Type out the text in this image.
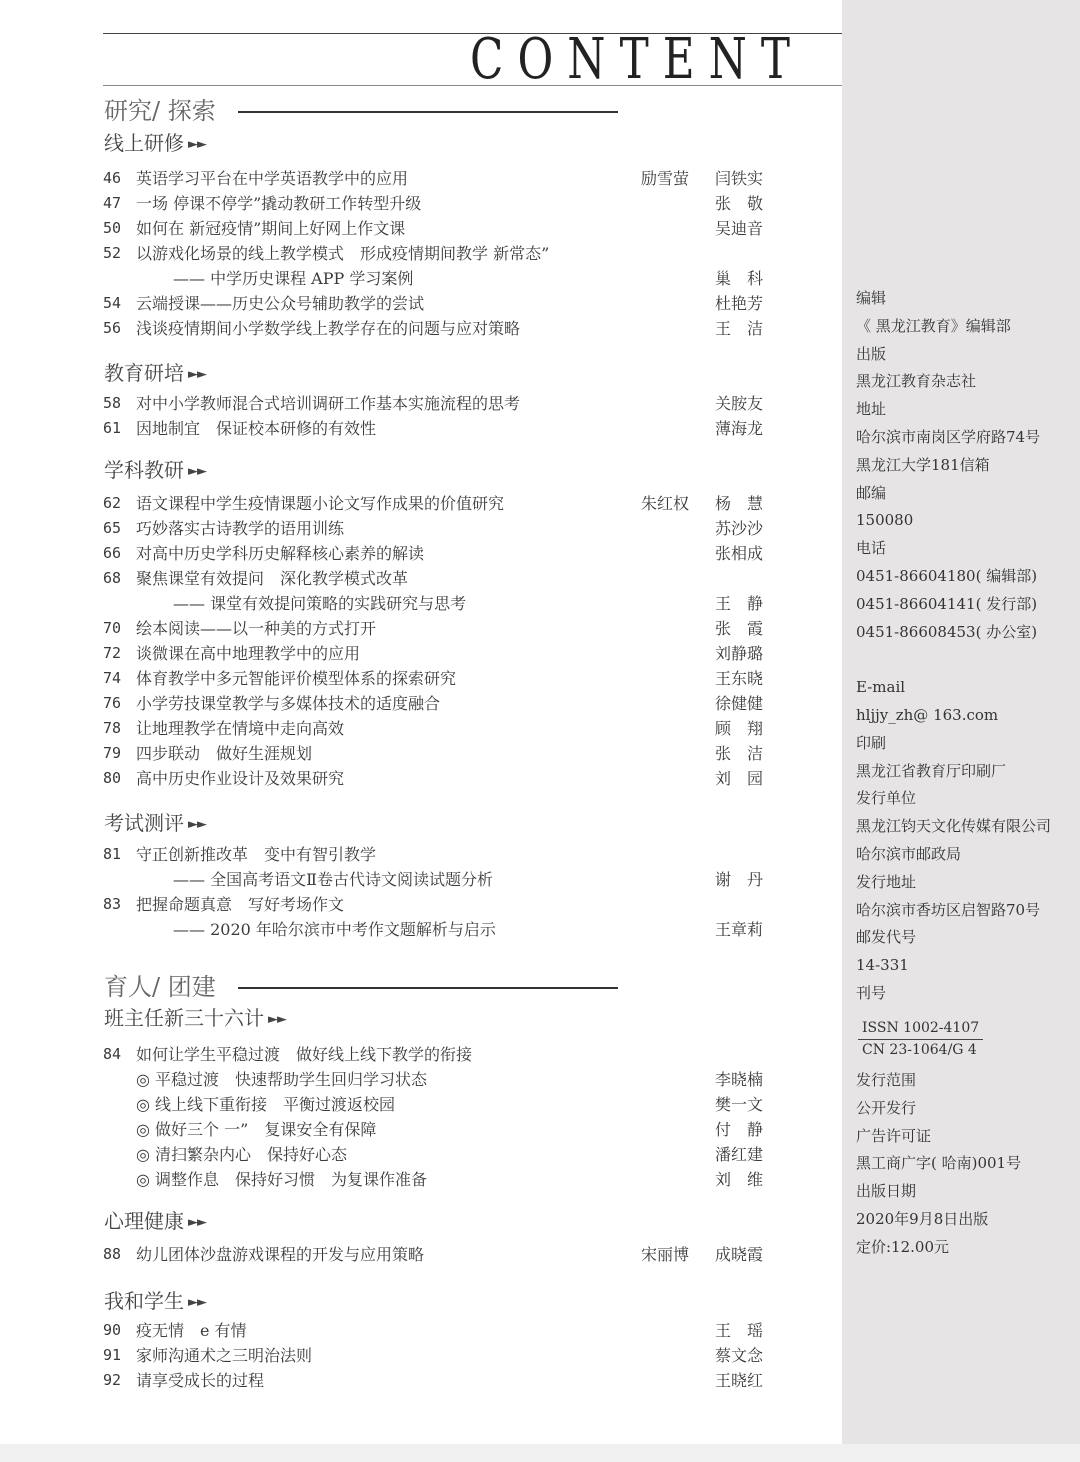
CONTENT
研究/ 探索
育人/ 团建
线上研修 ►►
教育研培 ►►
学科教研 ►►
考试测评 ►►
班主任新三十六计 ►►
心理健康 ►►
我和学生 ►►
46 英语学习平台在中学英语教学中的应用	励雪萤 闫铁实
47 一场 停课不停学”撬动教研工作转型升级	张　敬
50 如何在 新冠疫情”期间上好网上作文课	吴迪音
52 以游戏化场景的线上教学模式　形成疫情期间教学 新常态”
—— 中学历史课程 APP 学习案例	巢　科
54 云端授课——历史公众号辅助教学的尝试	杜艳芳
56 浅谈疫情期间小学数学线上教学存在的问题与应对策略	王　洁
58 对中小学教师混合式培训调研工作基本实施流程的思考	关胺友
61 因地制宜　保证校本研修的有效性	薄海龙
62 语文课程中学生疫情课题小论文写作成果的价值研究	朱红权 杨　慧
65 巧妙落实古诗教学的语用训练	苏沙沙
66 对高中历史学科历史解释核心素养的解读	张相成
68 聚焦课堂有效提问　深化教学模式改革
—— 课堂有效提问策略的实践研究与思考	王　静
70 绘本阅读——以一种美的方式打开	张　霞
72 谈微课在高中地理教学中的应用	刘静璐
74 体育教学中多元智能评价模型体系的探索研究	王东晓
76 小学劳技课堂教学与多媒体技术的适度融合	徐健健
78 让地理教学在情境中走向高效	顾　翔
79 四步联动　做好生涯规划	张　洁
80 高中历史作业设计及效果研究	刘　园
81 守正创新推改革　变中有智引教学
—— 全国高考语文Ⅱ卷古代诗文阅读试题分析	谢　丹
83 把握命题真意　写好考场作文
—— 2020 年哈尔滨市中考作文题解析与启示	王章莉
84 如何让学生平稳过渡　做好线上线下教学的衔接
◎ 平稳过渡　快速帮助学生回归学习状态	李晓楠
◎ 线上线下重衔接　平衡过渡返校园	樊一文
◎ 做好三个 一”　复课安全有保障	付　静
◎ 清扫繁杂内心　保持好心态	潘红建
◎ 调整作息　保持好习惯　为复课作准备	刘　维
88 幼儿团体沙盘游戏课程的开发与应用策略	宋丽博 成晓霞
90 疫无情　e 有情	王　瑶
91 家师沟通术之三明治法则	蔡文念
92 请享受成长的过程	王晓红
编辑
《 黑龙江教育》编辑部
出版
黑龙江教育杂志社
地址
哈尔滨市南岗区学府路74号
黑龙江大学181信箱
邮编
150080
电话
0451-86604180( 编辑部)
0451-86604141( 发行部)
0451-86608453( 办公室)
E-mail
hljjy_zh@ 163.com
印刷
黑龙江省教育厅印刷厂
发行单位
黑龙江钧天文化传媒有限公司
哈尔滨市邮政局
发行地址
哈尔滨市香坊区启智路70号
邮发代号
14-331
刊号
ISSN 1002-4107
CN 23-1064/G 4
发行范围
公开发行
广告许可证
黑工商广字( 哈南)001号
出版日期
2020年9月8日出版
定价:12.00元
